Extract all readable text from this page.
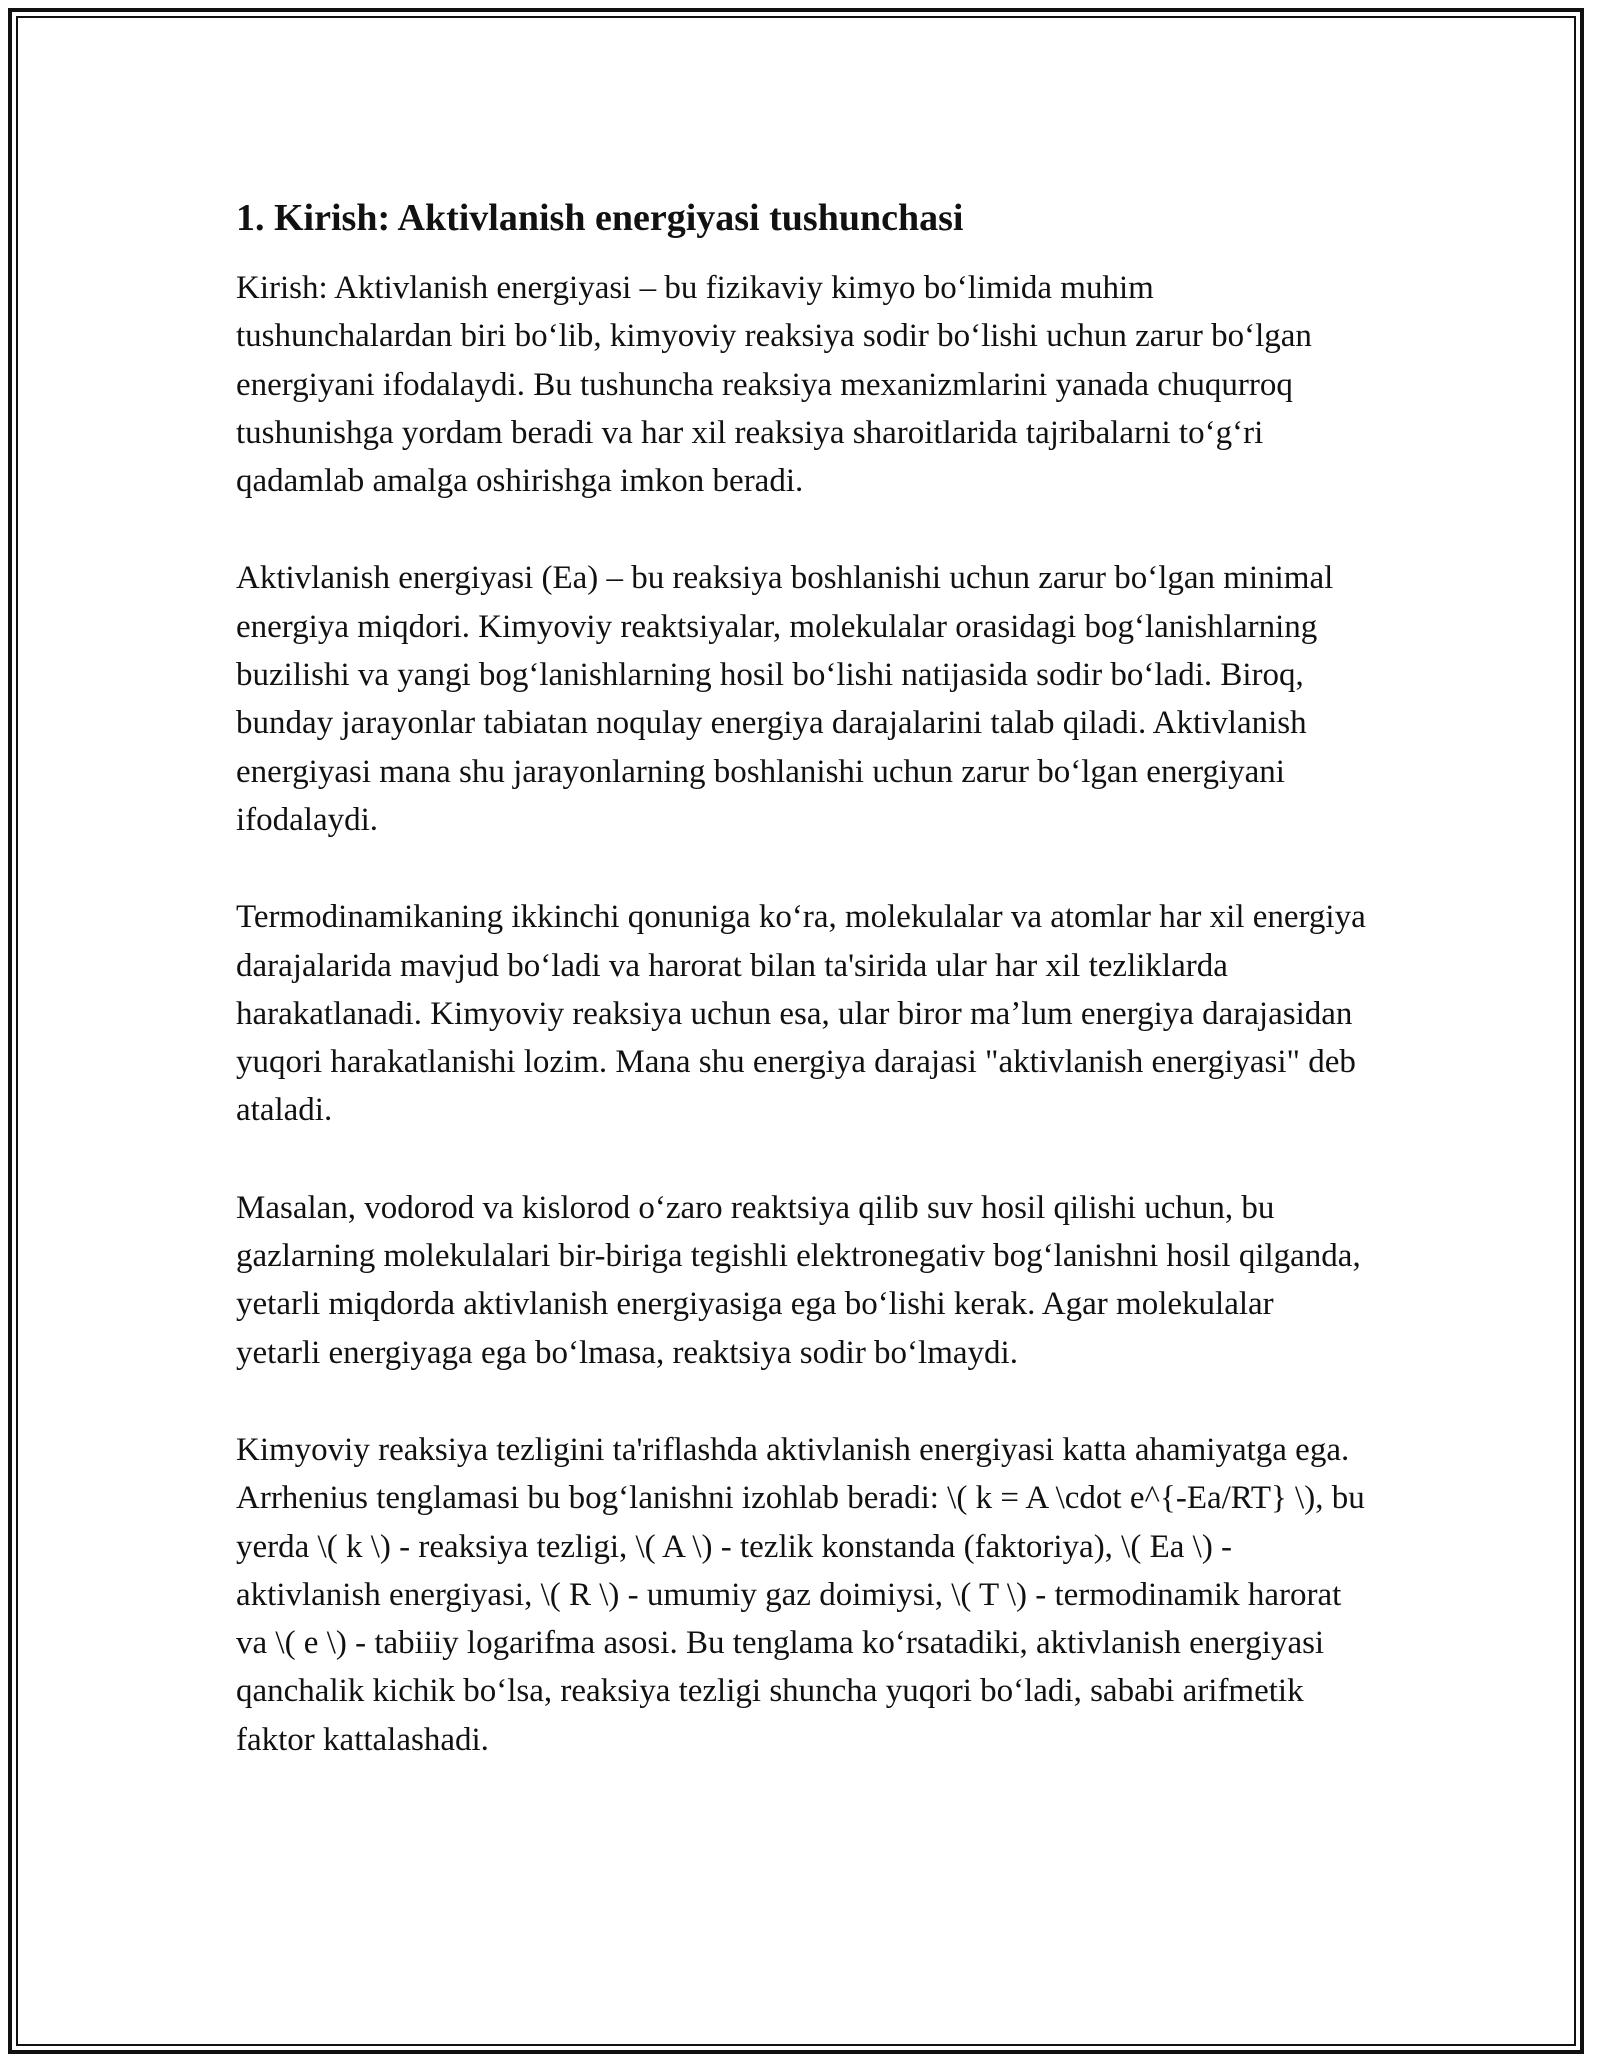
1. Kirish: Aktivlanish energiyasi tushunchasi

Kirish: Aktivlanish energiyasi – bu fizikaviy kimyo boʻlimida muhim tushunchalardan biri boʻlib, kimyoviy reaksiya sodir boʻlishi uchun zarur boʻlgan energiyani ifodalaydi. Bu tushuncha reaksiya mexanizmlarini yanada chuqurroq tushunishga yordam beradi va har xil reaksiya sharoitlarida tajribalarni toʻgʻri qadamlab amalga oshirishga imkon beradi.

Aktivlanish energiyasi (Ea) – bu reaksiya boshlanishi uchun zarur boʻlgan minimal energiya miqdori. Kimyoviy reaktsiyalar, molekulalar orasidagi bogʻlanishlarning buzilishi va yangi bogʻlanishlarning hosil boʻlishi natijasida sodir boʻladi. Biroq, bunday jarayonlar tabiatan noqulay energiya darajalarini talab qiladi. Aktivlanish energiyasi mana shu jarayonlarning boshlanishi uchun zarur boʻlgan energiyani ifodalaydi.

Termodinamikaning ikkinchi qonuniga koʻra, molekulalar va atomlar har xil energiya darajalarida mavjud boʻladi va harorat bilan ta'sirida ular har xil tezliklarda harakatlanadi. Kimyoviy reaksiya uchun esa, ular biror maʼlum energiya darajasidan yuqori harakatlanishi lozim. Mana shu energiya darajasi "aktivlanish energiyasi" deb ataladi.

Masalan, vodorod va kislorod oʻzaro reaktsiya qilib suv hosil qilishi uchun, bu gazlarning molekulalari bir-biriga tegishli elektronegativ bogʻlanishni hosil qilganda, yetarli miqdorda aktivlanish energiyasiga ega boʻlishi kerak. Agar molekulalar yetarli energiyaga ega boʻlmasa, reaktsiya sodir boʻlmaydi.

Kimyoviy reaksiya tezligini ta'riflashda aktivlanish energiyasi katta ahamiyatga ega. Arrhenius tenglamasi bu bogʻlanishni izohlab beradi: \( k = A \cdot e^{-Ea/RT} \), bu yerda \( k \) - reaksiya tezligi, \( A \) - tezlik konstanda (faktoriya), \( Ea \) - aktivlanish energiyasi, \( R \) - umumiy gaz doimiysi, \( T \) - termodinamik harorat va \( e \) - tabiiiy logarifma asosi. Bu tenglama koʻrsatadiki, aktivlanish energiyasi qanchalik kichik boʻlsa, reaksiya tezligi shuncha yuqori boʻladi, sababi arifmetik faktor kattalashadi.
